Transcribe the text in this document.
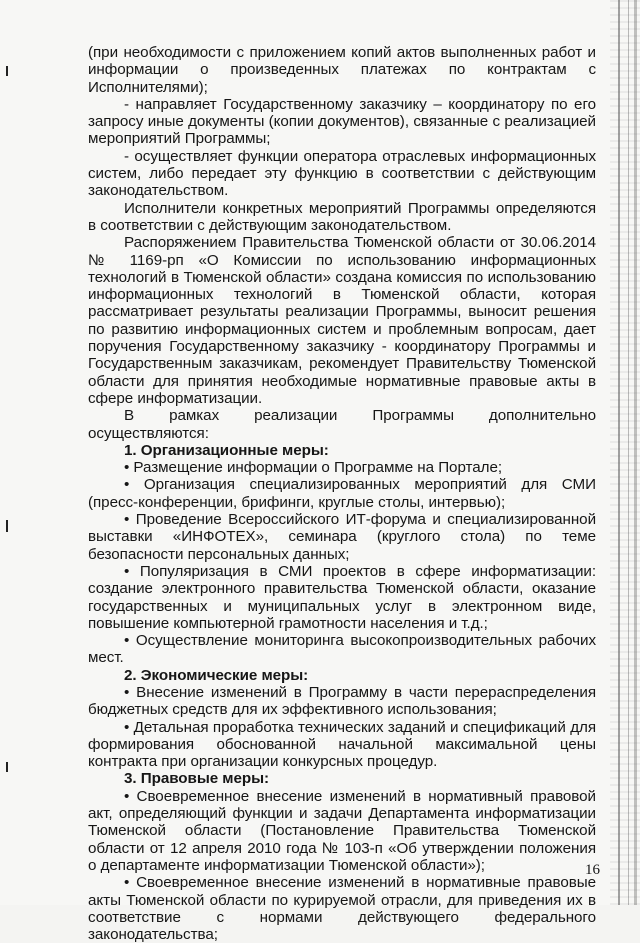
(при необходимости с приложением копий актов выполненных работ и информации о произведенных платежах по контрактам с Исполнителями);

- направляет Государственному заказчику – координатору по его запросу иные документы (копии документов), связанные с реализацией мероприятий Программы;

- осуществляет функции оператора отраслевых информационных систем, либо передает эту функцию в соответствии с действующим законодательством.

Исполнители конкретных мероприятий Программы определяются в соответствии с действующим законодательством.

Распоряжением Правительства Тюменской области от 30.06.2014 № 1169-рп «О Комиссии по использованию информационных технологий в Тюменской области» создана комиссия по использованию информационных технологий в Тюменской области, которая рассматривает результаты реализации Программы, выносит решения по развитию информационных систем и проблемным вопросам, дает поручения Государственному заказчику - координатору Программы и Государственным заказчикам, рекомендует Правительству Тюменской области для принятия необходимые нормативные правовые акты в сфере информатизации.

В рамках реализации Программы дополнительно осуществляются:

1. Организационные меры:

• Размещение информации о Программе на Портале;

• Организация специализированных мероприятий для СМИ (пресс-конференции, брифинги, круглые столы, интервью);

• Проведение Всероссийского ИТ-форума и специализированной выставки «ИНФОТЕХ», семинара (круглого стола) по теме безопасности персональных данных;

• Популяризация в СМИ проектов в сфере информатизации: создание электронного правительства Тюменской области, оказание государственных и муниципальных услуг в электронном виде, повышение компьютерной грамотности населения и т.д.;

• Осуществление мониторинга высокопроизводительных рабочих мест.

2. Экономические меры:

• Внесение изменений в Программу в части перераспределения бюджетных средств для их эффективного использования;

• Детальная проработка технических заданий и спецификаций для формирования обоснованной начальной максимальной цены контракта при организации конкурсных процедур.

3. Правовые меры:

• Своевременное внесение изменений в нормативный правовой акт, определяющий функции и задачи Департамента информатизации Тюменской области (Постановление Правительства Тюменской области от 12 апреля 2010 года № 103-п «Об утверждении положения о департаменте информатизации Тюменской области»);

• Своевременное внесение изменений в нормативные правовые акты Тюменской области по курируемой отрасли, для приведения их в соответствие с нормами действующего федерального законодательства;

16
